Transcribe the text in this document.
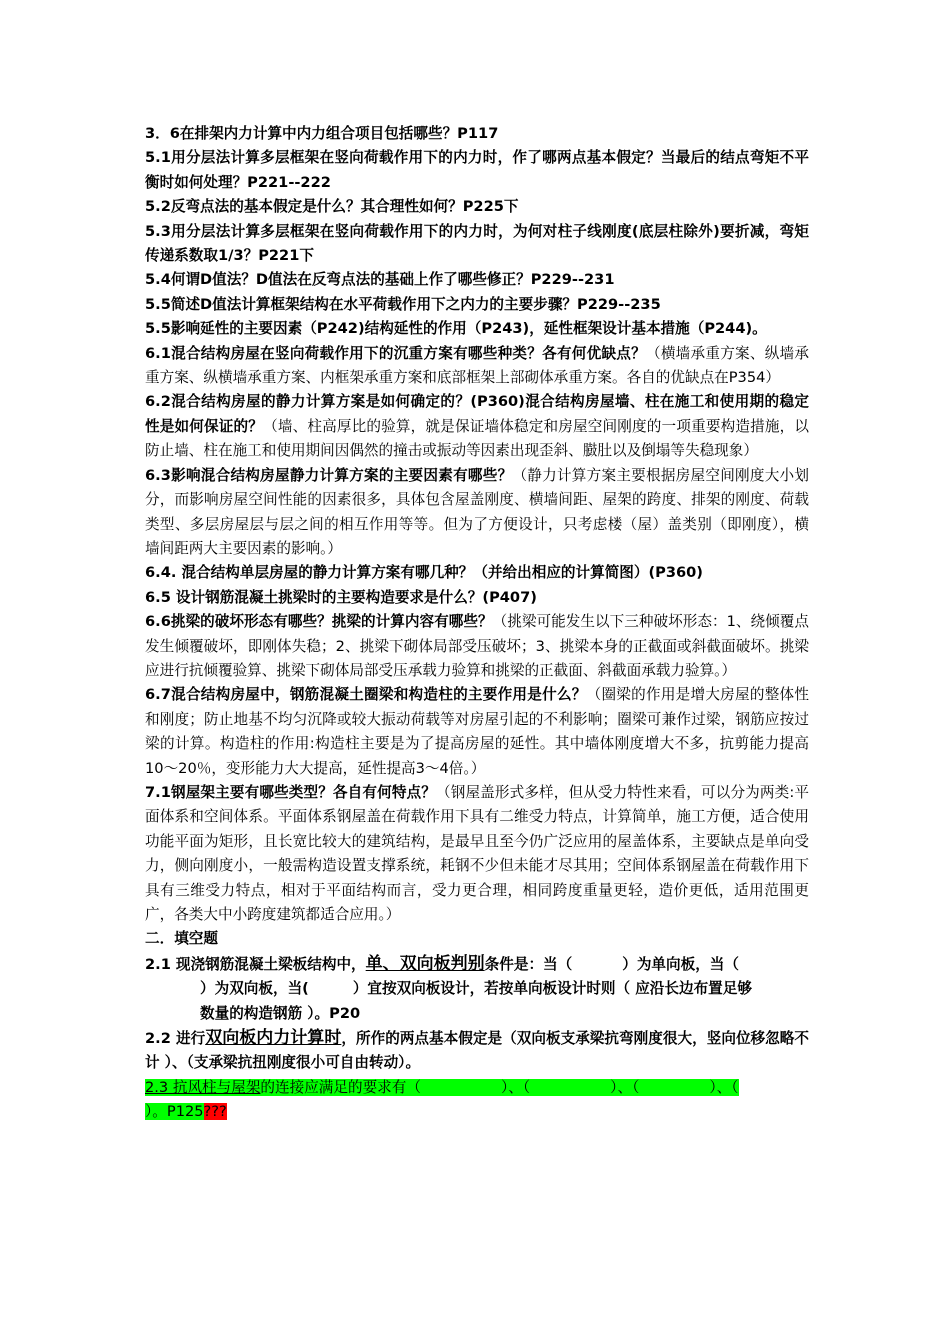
3．6在排架内力计算中内力组合项目包括哪些？P117

5.1用分层法计算多层框架在竖向荷载作用下的内力时，作了哪两点基本假定？当最后的结点弯矩不平衡时如何处理？P221--222

5.2反弯点法的基本假定是什么？其合理性如何？P225下

5.3用分层法计算多层框架在竖向荷载作用下的内力时，为何对柱子线刚度(底层柱除外)要折减，弯矩传递系数取1/3？P221下

5.4何谓D值法？D值法在反弯点法的基础上作了哪些修正？P229--231

5.5简述D值法计算框架结构在水平荷载作用下之内力的主要步骤？P229--235

5.5影响延性的主要因素（P242)结构延性的作用（P243)，延性框架设计基本措施（P244)。

6.1混合结构房屋在竖向荷载作用下的沉重方案有哪些种类？各有何优缺点？（横墙承重方案、纵墙承重方案、纵横墙承重方案、内框架承重方案和底部框架上部砌体承重方案。各自的优缺点在P354）

6.2混合结构房屋的静力计算方案是如何确定的？(P360)混合结构房屋墙、柱在施工和使用期的稳定性是如何保证的？（墙、柱高厚比的验算，就是保证墙体稳定和房屋空间刚度的一项重要构造措施，以防止墙、柱在施工和使用期间因偶然的撞击或振动等因素出现歪斜、臌肚以及倒塌等失稳现象）

6.3影响混合结构房屋静力计算方案的主要因素有哪些？（静力计算方案主要根据房屋空间刚度大小划分，而影响房屋空间性能的因素很多，具体包含屋盖刚度、横墙间距、屋架的跨度、排架的刚度、荷载类型、多层房屋层与层之间的相互作用等等。但为了方便设计，只考虑楼（屋）盖类别（即刚度），横墙间距两大主要因素的影响。）

6.4. 混合结构单层房屋的静力计算方案有哪几种？（并给出相应的计算简图）(P360)

6.5 设计钢筋混凝土挑梁时的主要构造要求是什么？(P407)

6.6挑梁的破坏形态有哪些？挑梁的计算内容有哪些？（挑梁可能发生以下三种破坏形态：1、绕倾覆点发生倾覆破坏，即刚体失稳；2、挑梁下砌体局部受压破坏；3、挑梁本身的正截面或斜截面破坏。挑梁应进行抗倾覆验算、挑梁下砌体局部受压承载力验算和挑梁的正截面、斜截面承载力验算。）

6.7混合结构房屋中，钢筋混凝土圈梁和构造柱的主要作用是什么？（圈梁的作用是增大房屋的整体性和刚度；防止地基不均匀沉降或较大振动荷载等对房屋引起的不利影响；圈梁可兼作过梁，钢筋应按过梁的计算。构造柱的作用:构造柱主要是为了提高房屋的延性。其中墙体刚度增大不多，抗剪能力提高10～20％，变形能力大大提高，延性提高3～4倍。）

7.1钢屋架主要有哪些类型？各自有何特点？（钢屋盖形式多样，但从受力特性来看，可以分为两类:平面体系和空间体系。平面体系钢屋盖在荷载作用下具有二维受力特点，计算简单，施工方便，适合使用功能平面为矩形，且长宽比较大的建筑结构，是最早且至今仍广泛应用的屋盖体系，主要缺点是单向受力，侧向刚度小，一般需构造设置支撑系统，耗钢不少但未能才尽其用；空间体系钢屋盖在荷载作用下具有三维受力特点，相对于平面结构而言，受力更合理，相同跨度重量更轻，造价更低，适用范围更广，各类大中小跨度建筑都适合应用。）

二．填空题

2.1 现浇钢筋混凝土梁板结构中，单、双向板判别条件是：当（	）为单向板，当（
）为双向板，当(	）宜按双向板设计，若按单向板设计时则（ 应沿长边布置足够
数量的构造钢筋 ）。P20

2.2 进行双向板内力计算时，所作的两点基本假定是（双向板支承梁抗弯刚度很大，竖向位移忽略不计 ）、（支承梁抗扭刚度很小可自由转动）。

2.3 抗风柱与屋架的连接应满足的要求有（	）、（	）、（	）、（
）。P125???
